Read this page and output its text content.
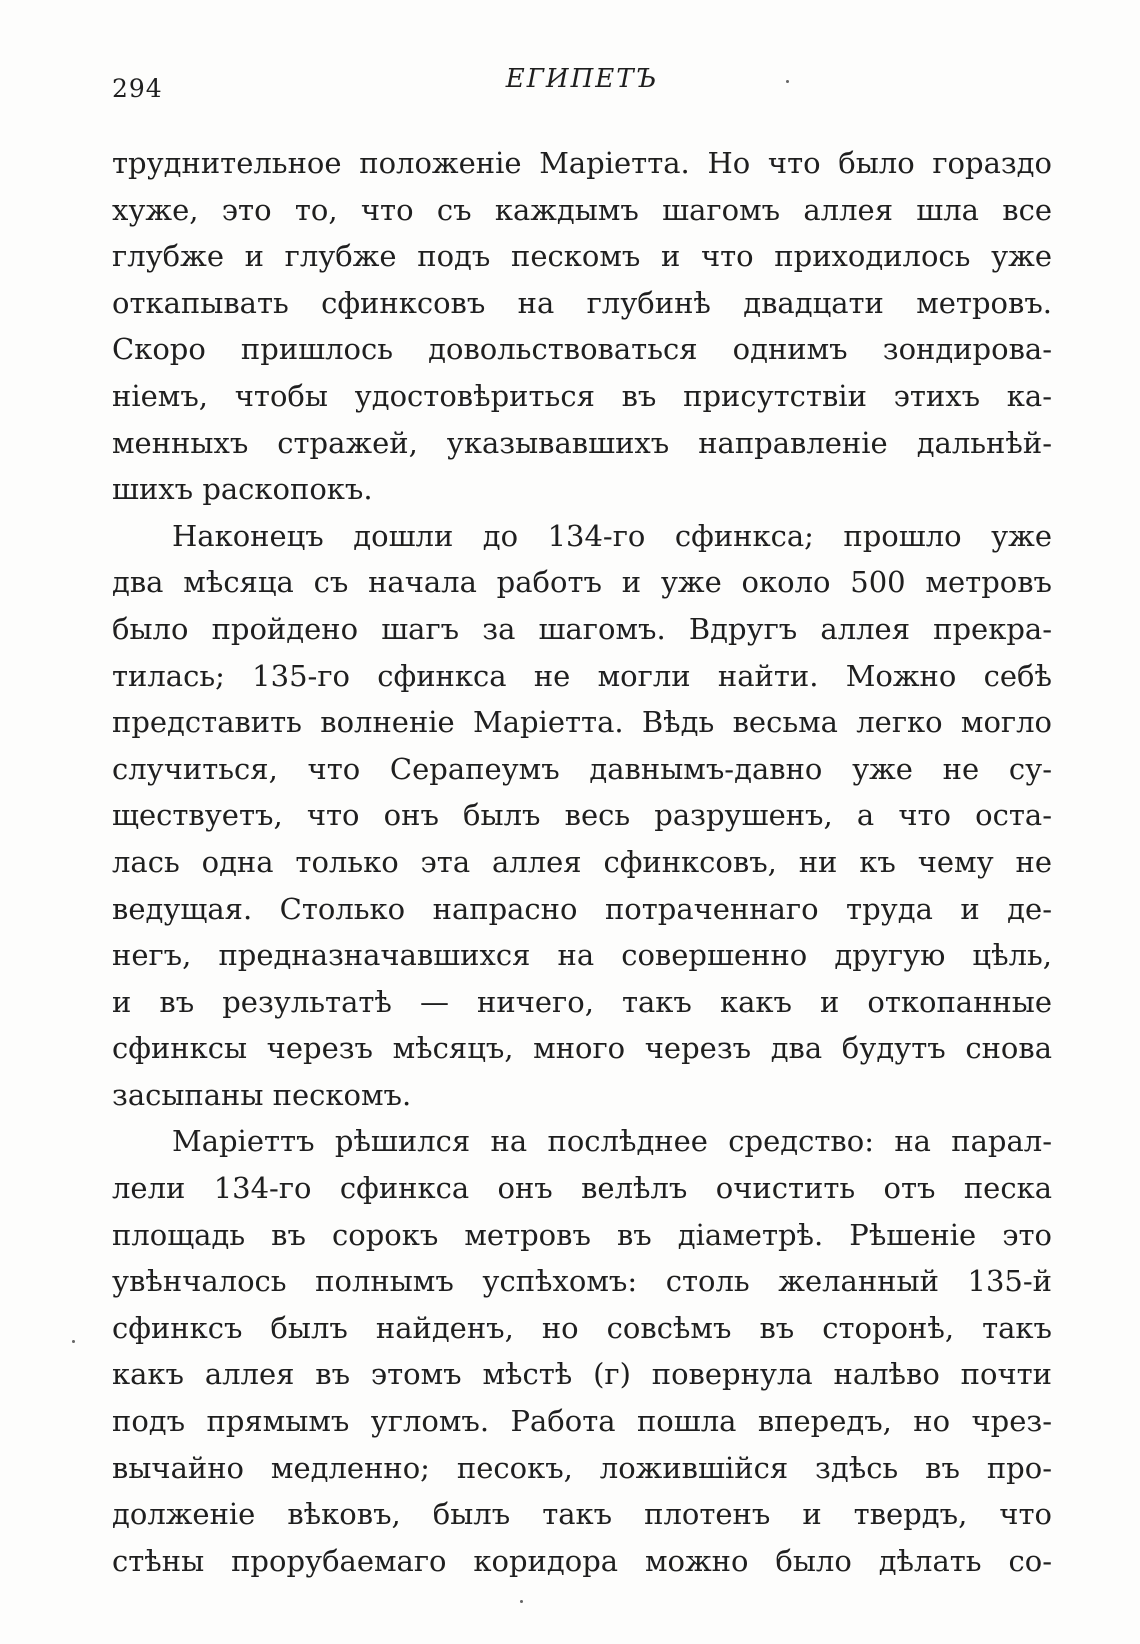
294	ЕГИПЕТЪ
труднительное положенie Марiетта. Но что было гораздо
хуже, это то, что съ каждымъ шагомъ аллея шла все
глубже и глубже подъ пескомъ и что приходилось уже
откапывать сфинксовъ на глубинѣ двадцати метровъ.
Скоро пришлось довольствоваться однимъ зондирова-
нiемъ, чтобы удостовѣриться въ присутствiи этихъ ка-
менныхъ стражей, указывавшихъ направленie дальнѣй-
шихъ раскопокъ.
Наконецъ дошли до 134-го сфинкса; прошло уже
два мѣсяца съ начала работъ и уже около 500 метровъ
было пройдено шагъ за шагомъ. Вдругъ аллея прекра-
тилась; 135-го сфинкса не могли найти. Можно себѣ
представить волненie Марiетта. Вѣдь весьма легко могло
случиться, что Серапеумъ давнымъ-давно уже не су-
ществуетъ, что онъ былъ весь разрушенъ, а что оста-
лась одна только эта аллея сфинксовъ, ни къ чему не
ведущая. Столько напрасно потраченнаго труда и де-
негъ, предназначавшихся на совершенно другую цѣль,
и въ результатѣ — ничего, такъ какъ и откопанные
сфинксы черезъ мѣсяцъ, много черезъ два будутъ снова
засыпаны пескомъ.
Марiеттъ рѣшился на послѣднее средство: на парал-
лели 134-го сфинкса онъ велѣлъ очистить отъ песка
площадь въ сорокъ метровъ въ дiаметрѣ. Рѣшенie это
увѣнчалось полнымъ успѣхомъ: столь желанный 135-й
сфинксъ былъ найденъ, но совсѣмъ въ сторонѣ, такъ
какъ аллея въ этомъ мѣстѣ (г) повернула налѣво почти
подъ прямымъ угломъ. Работа пошла впередъ, но чрез-
вычайно медленно; песокъ, ложившiйся здѣсь въ про-
долженie вѣковъ, былъ такъ плотенъ и твердъ, что
стѣны прорубаемаго коридора можно было дѣлать со-
